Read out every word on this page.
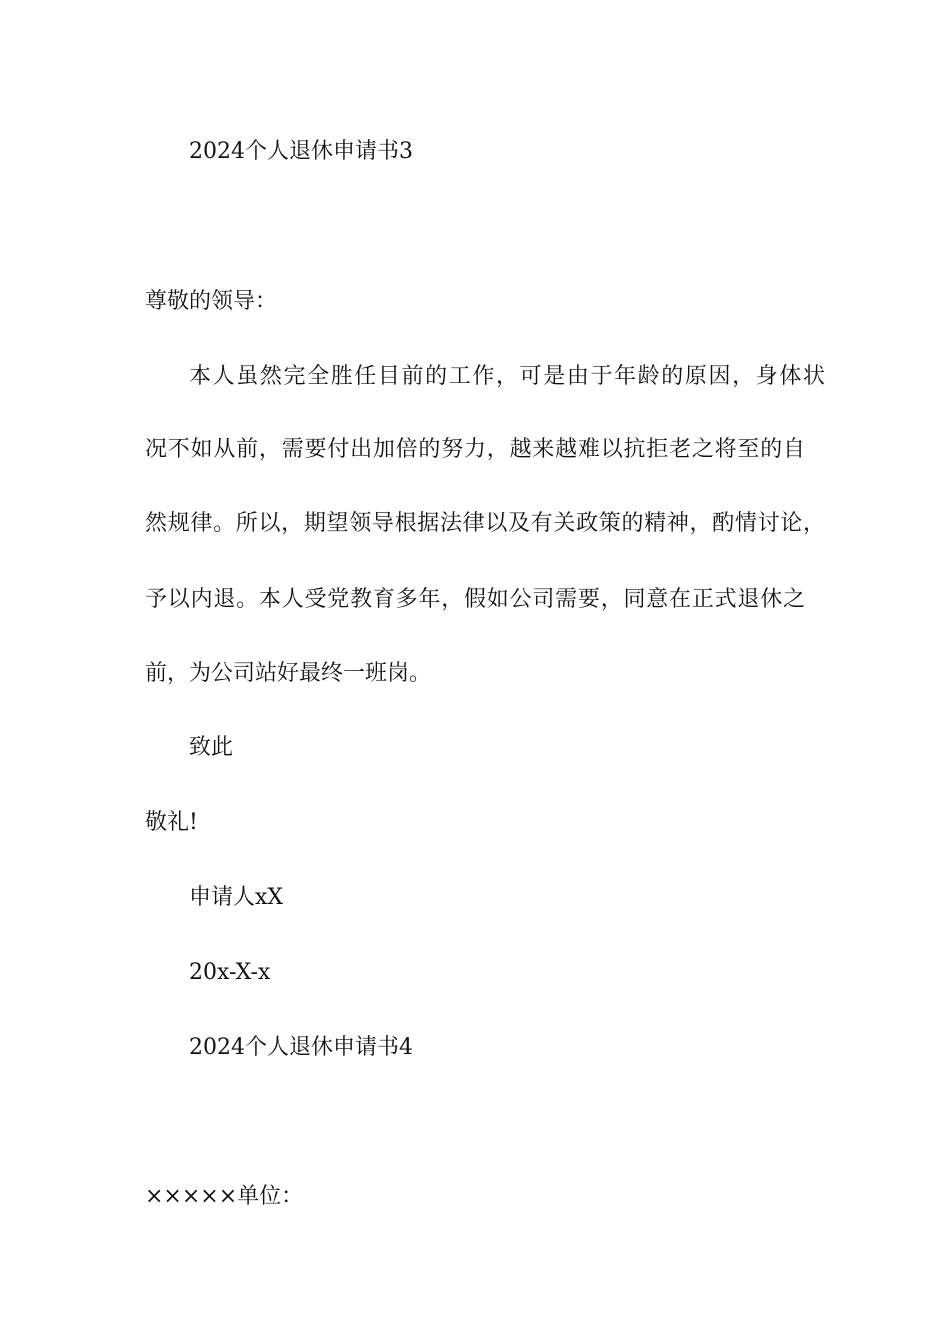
2024个人退休申请书3
尊敬的领导：
本人虽然完全胜任目前的工作，可是由于年龄的原因，身体状
况不如从前，需要付出加倍的努力，越来越难以抗拒老之将至的自
然规律。所以，期望领导根据法律以及有关政策的精神，酌情讨论，
予以内退。本人受党教育多年，假如公司需要，同意在正式退休之
前，为公司站好最终一班岗。
致此
敬礼!
申请人xX
20x-X-x
2024个人退休申请书4
×××××单位：
